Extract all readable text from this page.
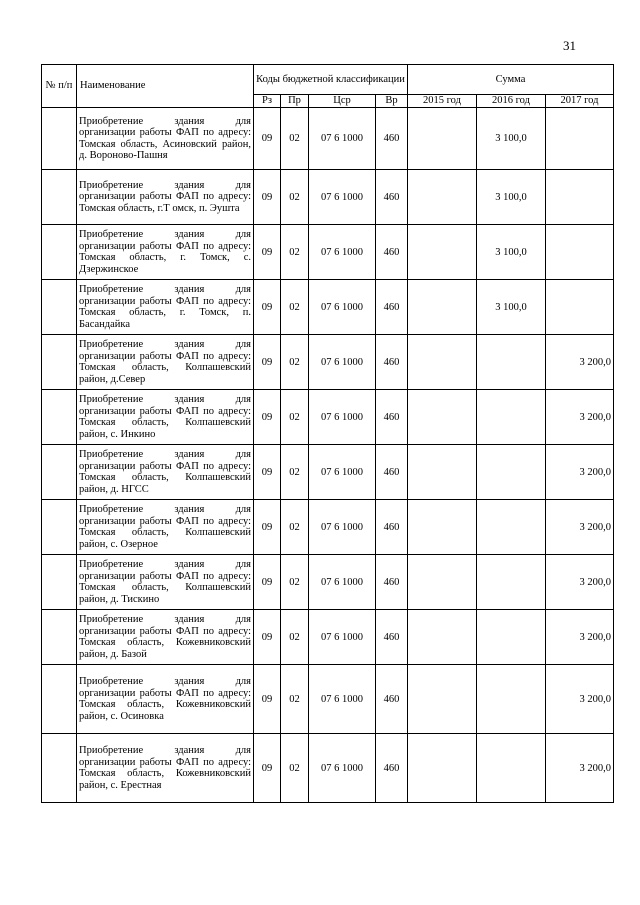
31
№ п/п	Наименование	Коды бюджетной классификации				Сумма		
		Рз	Пр	Цср	Вр	2015 год	2016 год	2017 год
	Приобретение здания для организации работы ФАП по адресу: Томская область, Асиновский район, д. Вороново-Пашня	09	02	07 6 1000	460		3 100,0	
	Приобретение здания для организации работы ФАП по адресу: Томская область, г.Т омск, п. Эушта	09	02	07 6 1000	460		3 100,0	
	Приобретение здания для организации работы ФАП по адресу: Томская область, г. Томск, с. Дзержинское	09	02	07 6 1000	460		3 100,0	
	Приобретение здания для организации работы ФАП по адресу: Томская область, г. Томск, п. Басандайка	09	02	07 6 1000	460		3 100,0	
	Приобретение здания для организации работы ФАП по адресу: Томская область, Колпашевский район, д.Север	09	02	07 6 1000	460			3 200,0
	Приобретение здания для организации работы ФАП по адресу: Томская область, Колпашевский район, с. Инкино	09	02	07 6 1000	460			3 200,0
	Приобретение здания для организации работы ФАП по адресу: Томская область, Колпашевский район, д. НГСС	09	02	07 6 1000	460			3 200,0
	Приобретение здания для организации работы ФАП по адресу: Томская область, Колпашевский район, с. Озерное	09	02	07 6 1000	460			3 200,0
	Приобретение здания для организации работы ФАП по адресу: Томская область, Колпашевский район, д. Тискино	09	02	07 6 1000	460			3 200,0
	Приобретение здания для организации работы ФАП по адресу: Томская область, Кожевниковский район, д. Базой	09	02	07 6 1000	460			3 200,0
	Приобретение здания для организации работы ФАП по адресу: Томская область, Кожевниковский район, с. Осиновка	09	02	07 6 1000	460			3 200,0
	Приобретение здания для организации работы ФАП по адресу: Томская область, Кожевниковский район, с. Ерестная	09	02	07 6 1000	460			3 200,0
